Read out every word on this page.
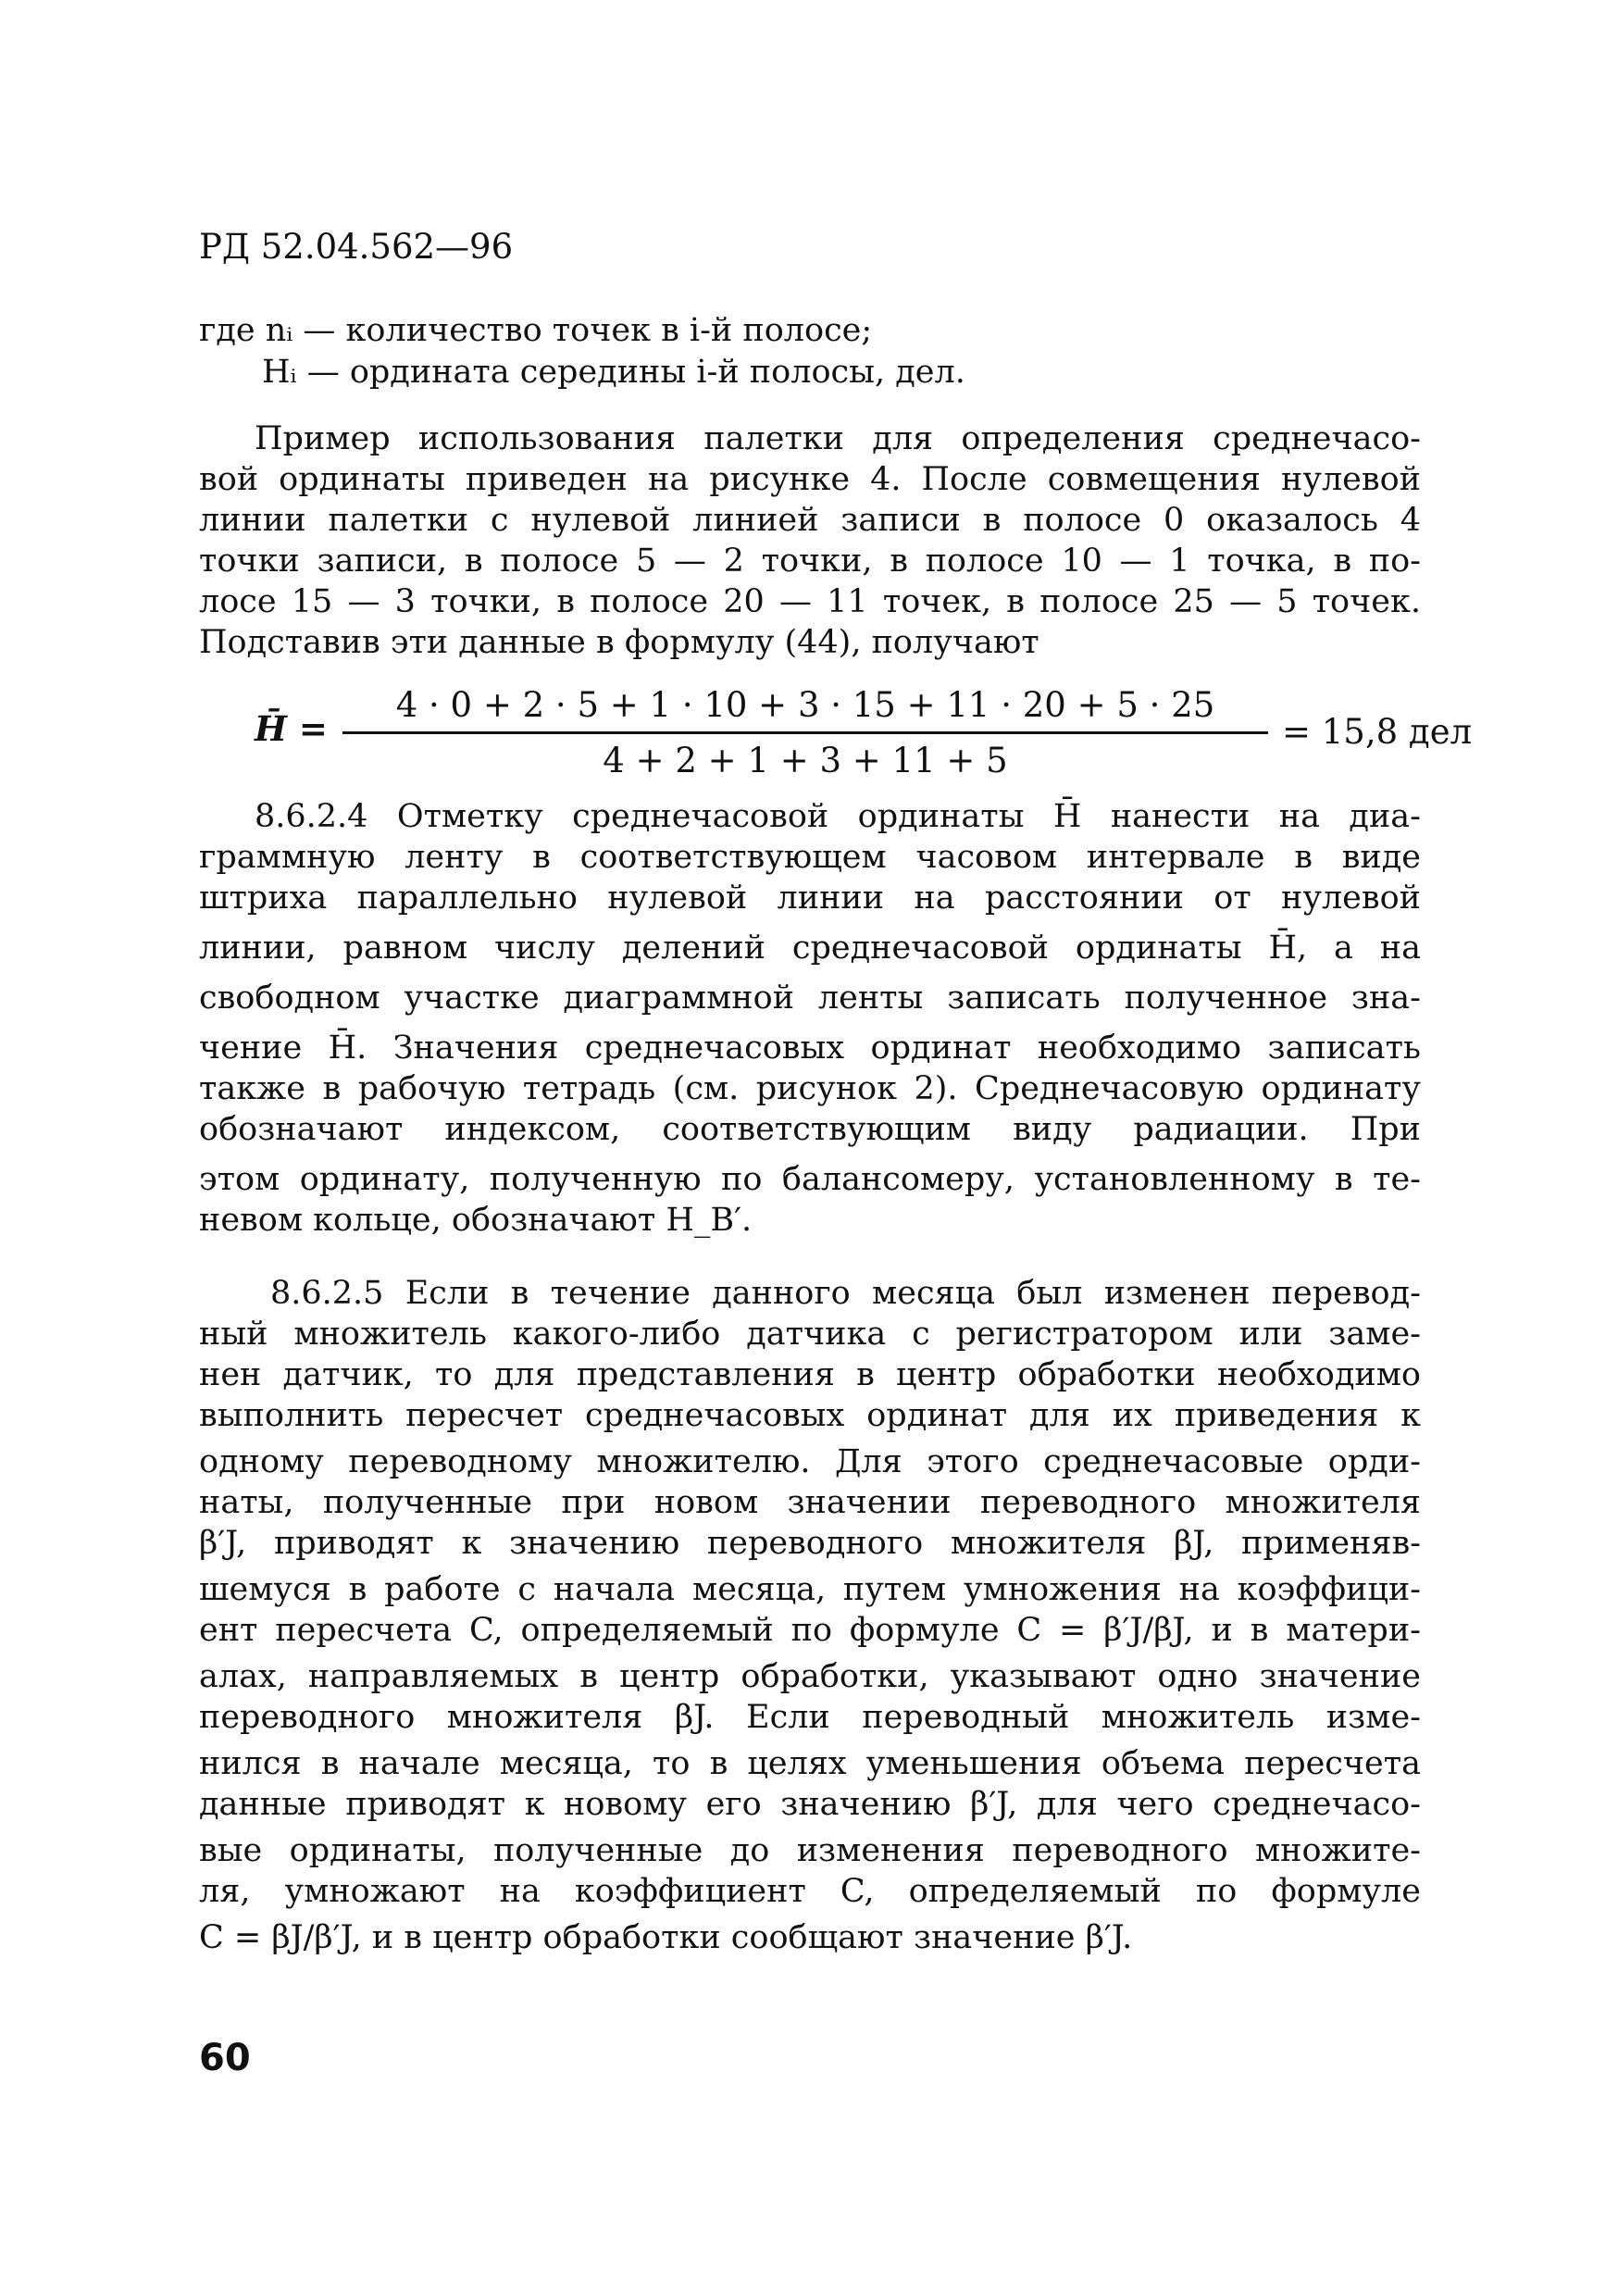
РД 52.04.562—96
где nᵢ — количество точек в i-й полосе;
Hᵢ — ордината середины i-й полосы, дел.
Пример использования палетки для определения среднечасо-
вой ординаты приведен на рисунке 4. После совмещения нулевой
линии палетки с нулевой линией записи в полосе 0 оказалось 4
точки записи, в полосе 5 — 2 точки, в полосе 10 — 1 точка, в по-
лосе 15 — 3 точки, в полосе 20 — 11 точек, в полосе 25 — 5 точек.
Подставив эти данные в формулу (44), получают
H̄ =
4 · 0 + 2 · 5 + 1 · 10 + 3 · 15 + 11 · 20 + 5 · 25
4 + 2 + 1 + 3 + 11 + 5
= 15,8 дел
8.6.2.4 Отметку среднечасовой ординаты H̄ нанести на диа-
граммную ленту в соответствующем часовом интервале в виде
штриха параллельно нулевой линии на расстоянии от нулевой
линии, равном числу делений среднечасовой ординаты H̄, а на
свободном участке диаграммной ленты записать полученное зна-
чение H̄. Значения среднечасовых ординат необходимо записать
также в рабочую тетрадь (см. рисунок 2). Среднечасовую ординату
обозначают индексом, соответствующим виду радиации. При
этом ординату, полученную по балансомеру, установленному в те-
невом кольце, обозначают H_B′.
8.6.2.5 Если в течение данного месяца был изменен перевод-
ный множитель какого-либо датчика с регистратором или заме-
нен датчик, то для представления в центр обработки необходимо
выполнить пересчет среднечасовых ординат для их приведения к
одному переводному множителю. Для этого среднечасовые орди-
наты, полученные при новом значении переводного множителя
β′J, приводят к значению переводного множителя βJ, применяв-
шемуся в работе с начала месяца, путем умножения на коэффици-
ент пересчета C, определяемый по формуле C = β′J/βJ, и в матери-
алах, направляемых в центр обработки, указывают одно значение
переводного множителя βJ. Если переводный множитель изме-
нился в начале месяца, то в целях уменьшения объема пересчета
данные приводят к новому его значению β′J, для чего среднечасо-
вые ординаты, полученные до изменения переводного множите-
ля, умножают на коэффициент C, определяемый по формуле
C = βJ/β′J, и в центр обработки сообщают значение β′J.
60
